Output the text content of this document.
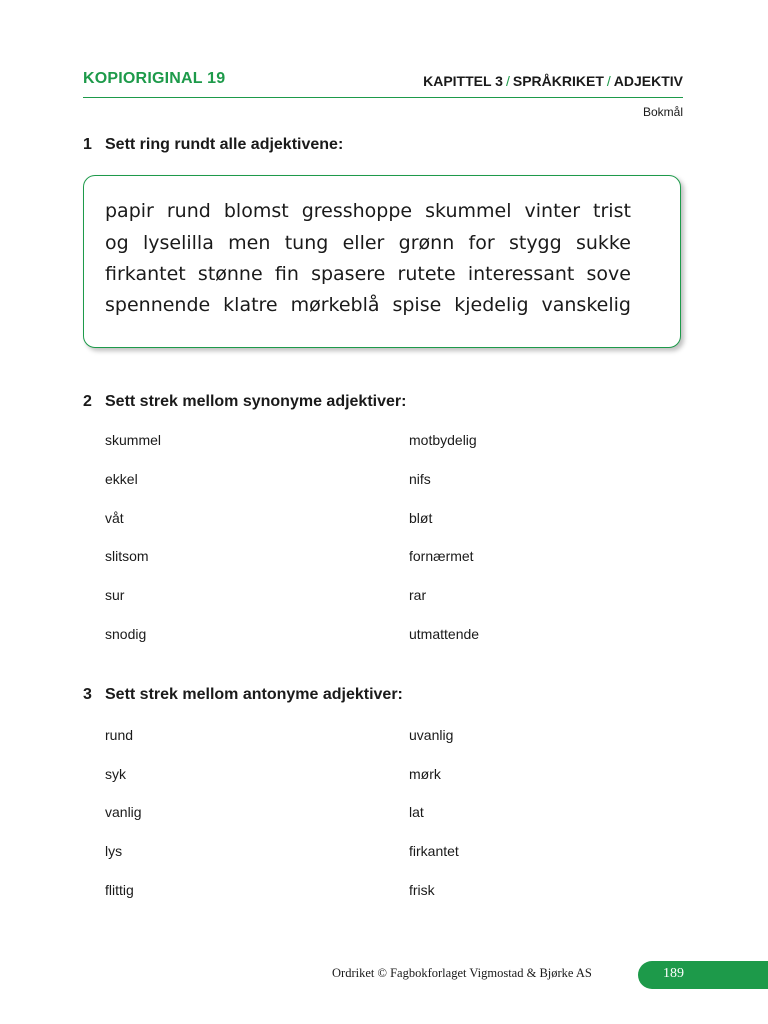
KOPIORIGINAL 19	KAPITTEL 3 / SPRÅKRIKET / ADJEKTIV
Bokmål
1 Sett ring rundt alle adjektivene:
papir rund blomst gresshoppe skummel vinter trist
og lyselilla men tung eller grønn for stygg sukke
firkantet stønne fin spasere rutete interessant sove
spennende klatre mørkeblå spise kjedelig vanskelig
2 Sett strek mellom synonyme adjektiver:
skummel	motbydelig
ekkel	nifs
våt	bløt
slitsom	fornærmet
sur	rar
snodig	utmattende
3 Sett strek mellom antonyme adjektiver:
rund	uvanlig
syk	mørk
vanlig	lat
lys	firkantet
flittig	frisk
Ordriket © Fagbokforlaget Vigmostad & Bjørke AS	189
